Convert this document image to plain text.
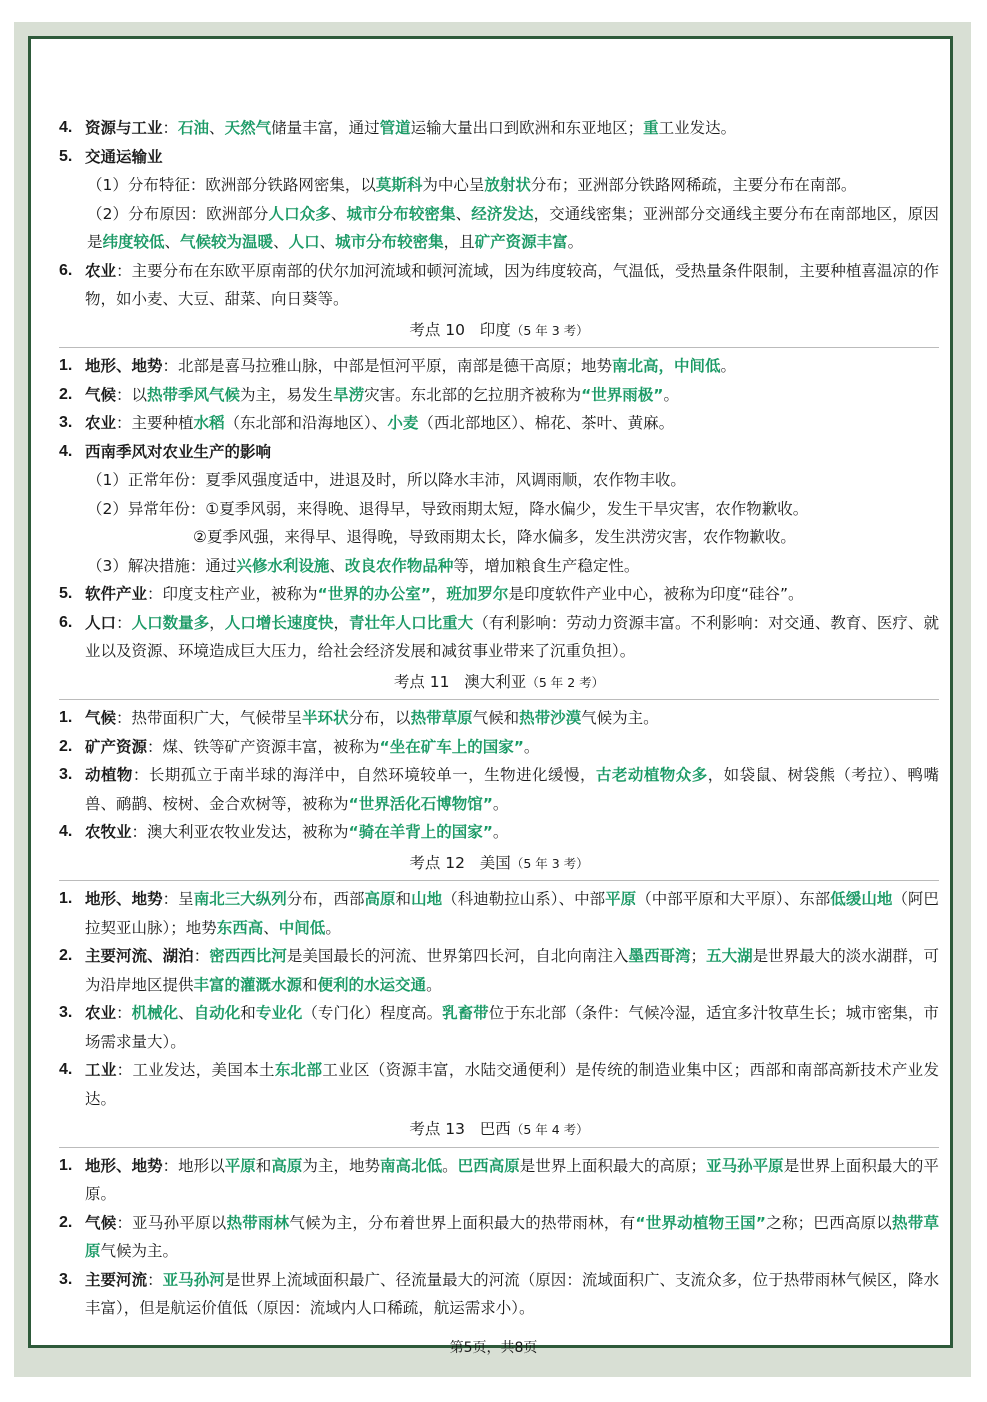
4. 资源与工业：石油、天然气储量丰富，通过管道运输大量出口到欧洲和东亚地区；重工业发达。
5. 交通运输业
（1）分布特征：欧洲部分铁路网密集，以莫斯科为中心呈放射状分布；亚洲部分铁路网稀疏，主要分布在南部。
（2）分布原因：欧洲部分人口众多、城市分布较密集、经济发达，交通线密集；亚洲部分交通线主要分布在南部地区，原因是纬度较低、气候较为温暖、人口、城市分布较密集，且矿产资源丰富。
6. 农业：主要分布在东欧平原南部的伏尔加河流域和顿河流域，因为纬度较高，气温低，受热量条件限制，主要种植喜温凉的作物，如小麦、大豆、甜菜、向日葵等。
考点 10 印度（5 年 3 考）
1. 地形、地势：北部是喜马拉雅山脉，中部是恒河平原，南部是德干高原；地势南北高，中间低。
2. 气候：以热带季风气候为主，易发生旱涝灾害。东北部的乞拉朋齐被称为“世界雨极”。
3. 农业：主要种植水稻（东北部和沿海地区）、小麦（西北部地区）、棉花、茶叶、黄麻。
4. 西南季风对农业生产的影响
（1）正常年份：夏季风强度适中，进退及时，所以降水丰沛，风调雨顺，农作物丰收。
（2）异常年份：①夏季风弱，来得晚、退得早，导致雨期太短，降水偏少，发生干旱灾害，农作物歉收。
②夏季风强，来得早、退得晚，导致雨期太长，降水偏多，发生洪涝灾害，农作物歉收。
（3）解决措施：通过兴修水利设施、改良农作物品种等，增加粮食生产稳定性。
5. 软件产业：印度支柱产业，被称为“世界的办公室”，班加罗尔是印度软件产业中心，被称为印度“硅谷”。
6. 人口：人口数量多，人口增长速度快，青壮年人口比重大（有利影响：劳动力资源丰富。不利影响：对交通、教育、医疗、就业以及资源、环境造成巨大压力，给社会经济发展和减贫事业带来了沉重负担）。
考点 11 澳大利亚（5 年 2 考）
1. 气候：热带面积广大，气候带呈半环状分布，以热带草原气候和热带沙漠气候为主。
2. 矿产资源：煤、铁等矿产资源丰富，被称为“坐在矿车上的国家”。
3. 动植物：长期孤立于南半球的海洋中，自然环境较单一，生物进化缓慢，古老动植物众多，如袋鼠、树袋熊（考拉）、鸭嘴兽、鸸鹋、桉树、金合欢树等，被称为“世界活化石博物馆”。
4. 农牧业：澳大利亚农牧业发达，被称为“骑在羊背上的国家”。
考点 12 美国（5 年 3 考）
1. 地形、地势：呈南北三大纵列分布，西部高原和山地（科迪勒拉山系）、中部平原（中部平原和大平原）、东部低缓山地（阿巴拉契亚山脉）；地势东西高、中间低。
2. 主要河流、湖泊：密西西比河是美国最长的河流、世界第四长河，自北向南注入墨西哥湾；五大湖是世界最大的淡水湖群，可为沿岸地区提供丰富的灌溉水源和便利的水运交通。
3. 农业：机械化、自动化和专业化（专门化）程度高。乳畜带位于东北部（条件：气候冷湿，适宜多汁牧草生长；城市密集，市场需求量大）。
4. 工业：工业发达，美国本土东北部工业区（资源丰富，水陆交通便利）是传统的制造业集中区；西部和南部高新技术产业发达。
考点 13 巴西（5 年 4 考）
1. 地形、地势：地形以平原和高原为主，地势南高北低。巴西高原是世界上面积最大的高原；亚马孙平原是世界上面积最大的平原。
2. 气候：亚马孙平原以热带雨林气候为主，分布着世界上面积最大的热带雨林，有“世界动植物王国”之称；巴西高原以热带草原气候为主。
3. 主要河流：亚马孙河是世界上流域面积最广、径流量最大的河流（原因：流域面积广、支流众多，位于热带雨林气候区，降水丰富），但是航运价值低（原因：流域内人口稀疏，航运需求小）。
第5页，共8页
